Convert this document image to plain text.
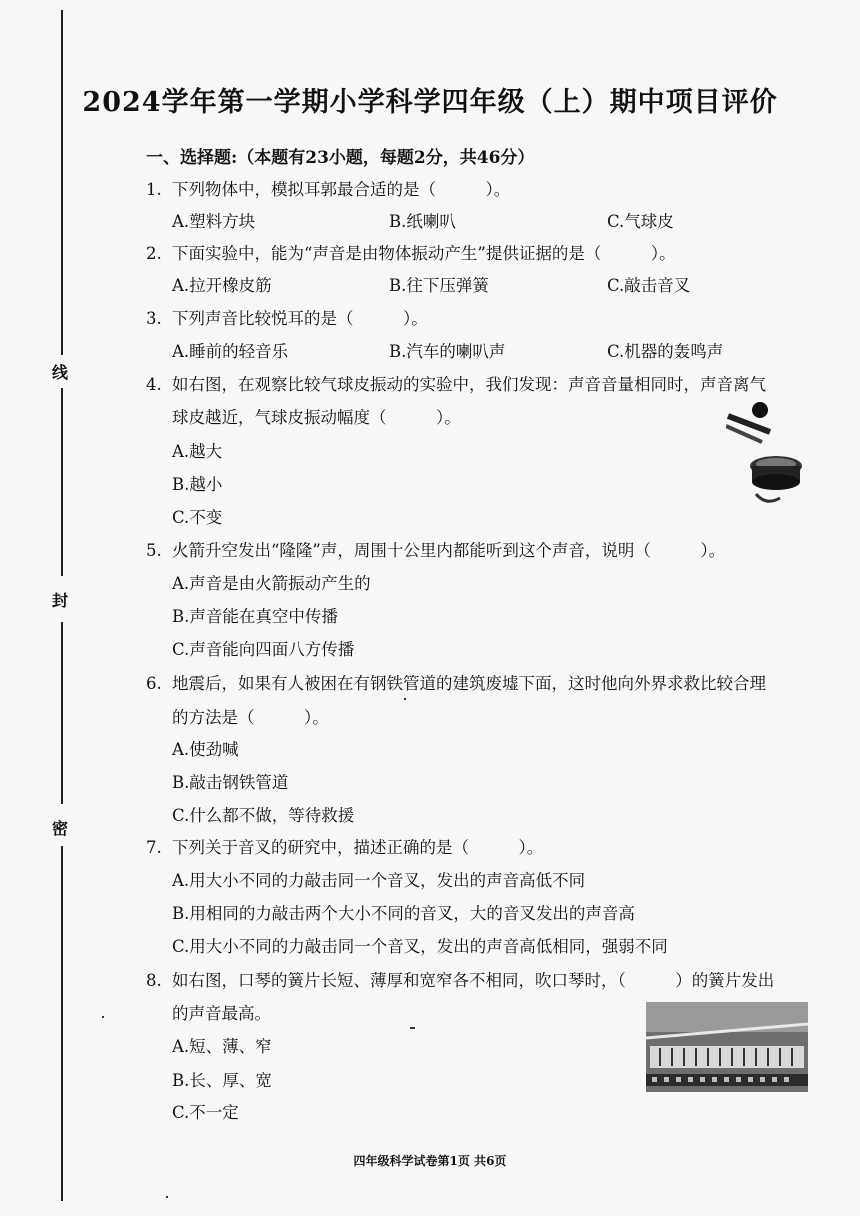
线
封
密
2024学年第一学期小学科学四年级（上）期中项目评价
一、选择题:（本题有23小题，每题2分，共46分）
1. 下列物体中，模拟耳郭最合适的是（　　　）。
A.塑料方块	B.纸喇叭	C.气球皮
2. 下面实验中，能为“声音是由物体振动产生”提供证据的是（　　　）。
A.拉开橡皮筋	B.往下压弹簧	C.敲击音叉
3. 下列声音比较悦耳的是（　　　）。
A.睡前的轻音乐	B.汽车的喇叭声	C.机器的轰鸣声
4. 如右图，在观察比较气球皮振动的实验中，我们发现：声音音量相同时，声音离气
球皮越近，气球皮振动幅度（　　　）。
A.越大
B.越小
C.不变
5. 火箭升空发出“隆隆”声，周围十公里内都能听到这个声音，说明（　　　）。
A.声音是由火箭振动产生的
B.声音能在真空中传播
C.声音能向四面八方传播
6. 地震后，如果有人被困在有钢铁管道的建筑废墟下面，这时他向外界求救比较合理
的方法是（　　　）。
A.使劲喊
B.敲击钢铁管道
C.什么都不做，等待救援
7. 下列关于音叉的研究中，描述正确的是（　　　）。
A.用大小不同的力敲击同一个音叉，发出的声音高低不同
B.用相同的力敲击两个大小不同的音叉，大的音叉发出的声音高
C.用大小不同的力敲击同一个音叉，发出的声音高低相同，强弱不同
8. 如右图，口琴的簧片长短、薄厚和宽窄各不相同，吹口琴时，（　　　）的簧片发出
的声音最高。
A.短、薄、窄
B.长、厚、宽
C.不一定
四年级科学试卷第1页 共6页
